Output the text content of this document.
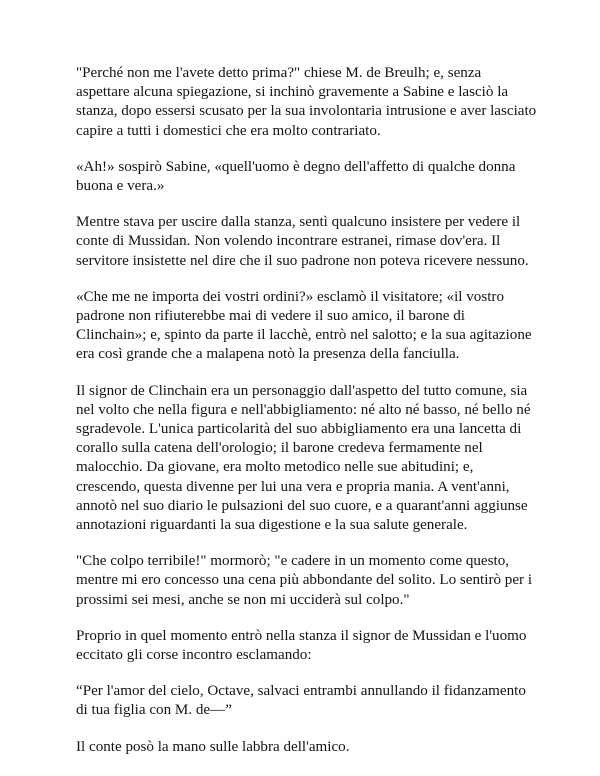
"Perché non me l'avete detto prima?" chiese M. de Breulh; e, senza
aspettare alcuna spiegazione, si inchinò gravemente a Sabine e lasciò la
stanza, dopo essersi scusato per la sua involontaria intrusione e aver lasciato
capire a tutti i domestici che era molto contrariato.

«Ah!» sospirò Sabine, «quell'uomo è degno dell'affetto di qualche donna
buona e vera.»

Mentre stava per uscire dalla stanza, sentì qualcuno insistere per vedere il
conte di Mussidan. Non volendo incontrare estranei, rimase dov'era. Il
servitore insistette nel dire che il suo padrone non poteva ricevere nessuno.

«Che me ne importa dei vostri ordini?» esclamò il visitatore; «il vostro
padrone non rifiuterebbe mai di vedere il suo amico, il barone di
Clinchain»; e, spinto da parte il lacchè, entrò nel salotto; e la sua agitazione
era così grande che a malapena notò la presenza della fanciulla.

Il signor de Clinchain era un personaggio dall'aspetto del tutto comune, sia
nel volto che nella figura e nell'abbigliamento: né alto né basso, né bello né
sgradevole. L'unica particolarità del suo abbigliamento era una lancetta di
corallo sulla catena dell'orologio; il barone credeva fermamente nel
malocchio. Da giovane, era molto metodico nelle sue abitudini; e,
crescendo, questa divenne per lui una vera e propria mania. A vent'anni,
annotò nel suo diario le pulsazioni del suo cuore, e a quarant'anni aggiunse
annotazioni riguardanti la sua digestione e la sua salute generale.

"Che colpo terribile!" mormorò; "e cadere in un momento come questo,
mentre mi ero concesso una cena più abbondante del solito. Lo sentirò per i
prossimi sei mesi, anche se non mi ucciderà sul colpo."

Proprio in quel momento entrò nella stanza il signor de Mussidan e l'uomo
eccitato gli corse incontro esclamando:

“Per l'amor del cielo, Octave, salvaci entrambi annullando il fidanzamento
di tua figlia con M. de—”

Il conte posò la mano sulle labbra dell'amico.
